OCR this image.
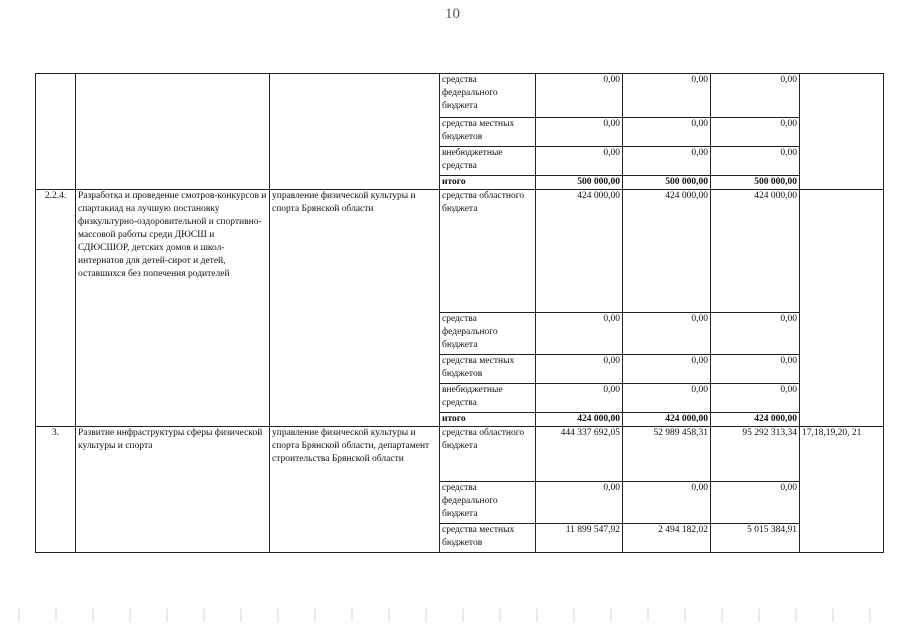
10
			средства федерального бюджета	0,00	0,00	0,00	
			средства местных бюджетов	0,00	0,00	0,00	
			внебюджетные средства	0,00	0,00	0,00	
			итого	500 000,00	500 000,00	500 000,00	
2.2.4.	Разработка и проведение смотров-конкурсов и спартакиад на лучшую постановку физкультурно-оздоровительной и спортивно-массовой работы среди ДЮСШ и СДЮСШОР, детских домов и школ-интернатов для детей-сирот и детей, оставшихся без попечения родителей	управление физической культуры и спорта Брянской области	средства областного бюджета	424 000,00	424 000,00	424 000,00	
			средства федерального бюджета	0,00	0,00	0,00	
			средства местных бюджетов	0,00	0,00	0,00	
			внебюджетные средства	0,00	0,00	0,00	
			итого	424 000,00	424 000,00	424 000,00	
3.	Развитие инфраструктуры сферы физической культуры и спорта	управление физической культуры и спорта Брянской области, департамент строительства Брянской области	средства областного бюджета	444 337 692,05	52 989 458,31	95 292 313,34	17,18,19,20, 21
			средства федерального бюджета	0,00	0,00	0,00	
			средства местных бюджетов	11 899 547,92	2 494 182,02	5 015 384,91	
